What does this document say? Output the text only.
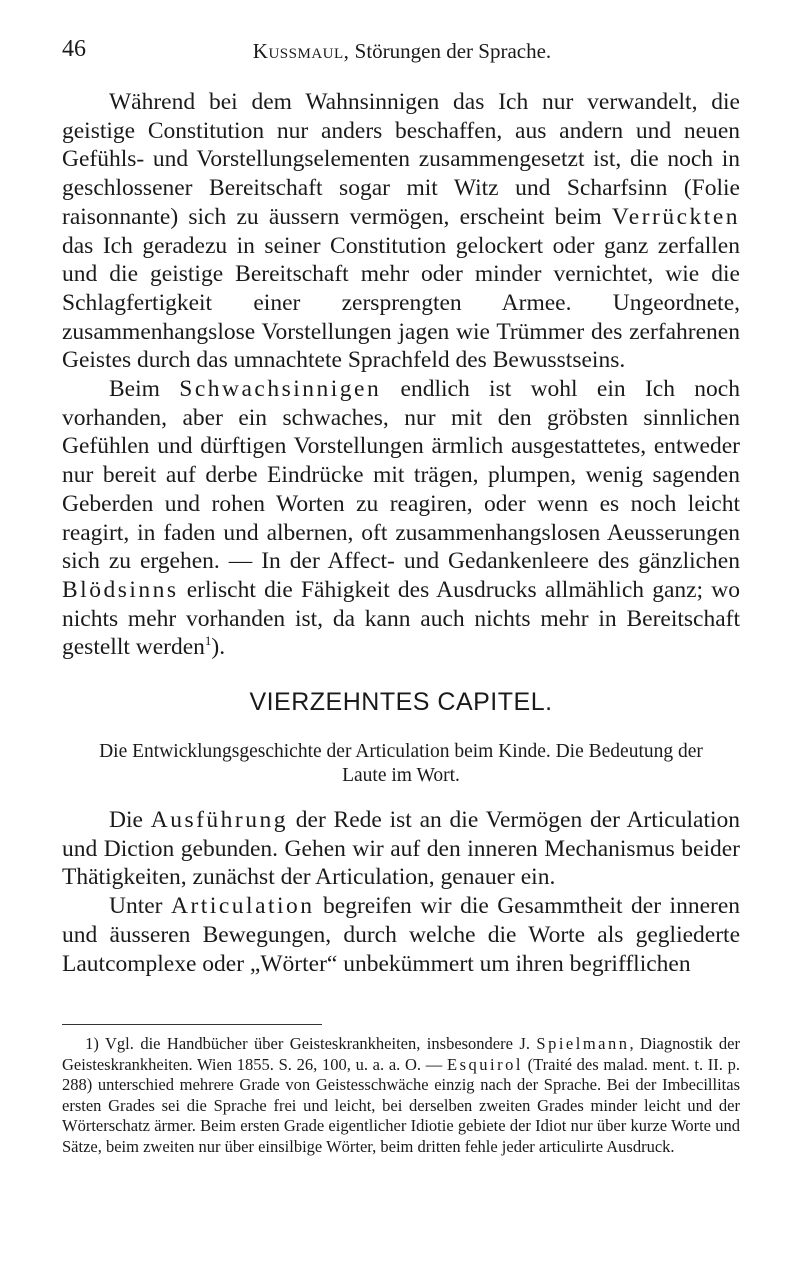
46	Kussmaul, Störungen der Sprache.

Während bei dem Wahnsinnigen das Ich nur verwandelt, die geistige Constitution nur anders beschaffen, aus andern und neuen Gefühls- und Vorstellungselementen zusammengesetzt ist, die noch in geschlossener Bereitschaft sogar mit Witz und Scharfsinn (Folie raisonnante) sich zu äussern vermögen, erscheint beim Verrückten das Ich geradezu in seiner Constitution gelockert oder ganz zerfallen und die geistige Bereitschaft mehr oder minder vernichtet, wie die Schlagfertigkeit einer zersprengten Armee. Ungeordnete, zusammenhangslose Vorstellungen jagen wie Trümmer des zerfahrenen Geistes durch das umnachtete Sprachfeld des Bewusstseins.

Beim Schwachsinnigen endlich ist wohl ein Ich noch vorhanden, aber ein schwaches, nur mit den gröbsten sinnlichen Gefühlen und dürftigen Vorstellungen ärmlich ausgestattetes, entweder nur bereit auf derbe Eindrücke mit trägen, plumpen, wenig sagenden Geberden und rohen Worten zu reagiren, oder wenn es noch leicht reagirt, in faden und albernen, oft zusammenhangslosen Aeusserungen sich zu ergehen. — In der Affect- und Gedankenleere des gänzlichen Blödsinns erlischt die Fähigkeit des Ausdrucks allmählich ganz; wo nichts mehr vorhanden ist, da kann auch nichts mehr in Bereitschaft gestellt werden$^1$).

VIERZEHNTES CAPITEL.
Die Entwicklungsgeschichte der Articulation beim Kinde. Die Bedeutung der Laute im Wort.

Die Ausführung der Rede ist an die Vermögen der Articulation und Diction gebunden. Gehen wir auf den inneren Mechanismus beider Thätigkeiten, zunächst der Articulation, genauer ein.

Unter Articulation begreifen wir die Gesammtheit der inneren und äusseren Bewegungen, durch welche die Worte als gegliederte Lautcomplexe oder „Wörter“ unbekümmert um ihren begrifflichen

1) Vgl. die Handbücher über Geisteskrankheiten, insbesondere J. Spielmann, Diagnostik der Geisteskrankheiten. Wien 1855. S. 26, 100, u. a. a. O. — Esquirol (Traité des malad. ment. t. II. p. 288) unterschied mehrere Grade von Geistesschwäche einzig nach der Sprache. Bei der Imbecillitas ersten Grades sei die Sprache frei und leicht, bei derselben zweiten Grades minder leicht und der Wörterschatz ärmer. Beim ersten Grade eigentlicher Idiotie gebiete der Idiot nur über kurze Worte und Sätze, beim zweiten nur über einsilbige Wörter, beim dritten fehle jeder articulirte Ausdruck.
